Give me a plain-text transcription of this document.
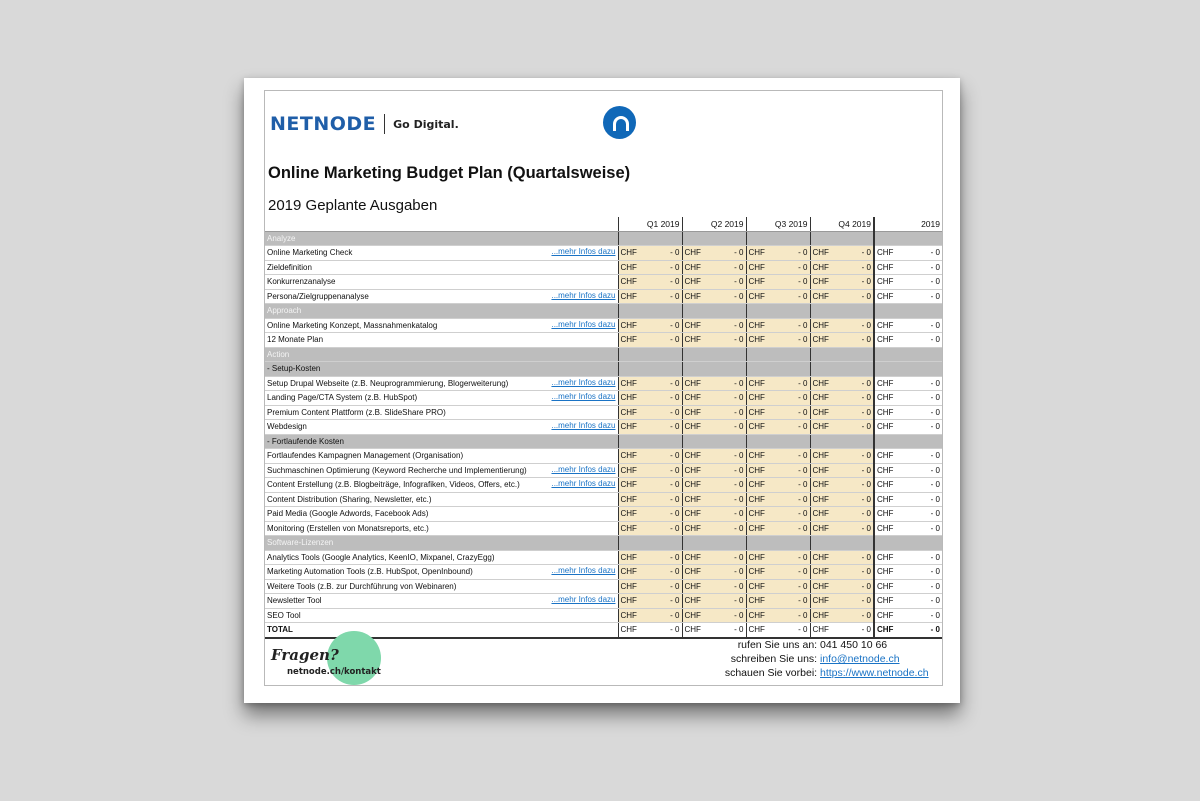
NETNODE Go Digital.
Online Marketing Budget Plan (Quartalsweise)
2019 Geplante Ausgaben
	Q1 2019	Q2 2019	Q3 2019	Q4 2019	2019
Analyze					
Online Marketing Check ...mehr Infos dazu	CHF - 0	CHF - 0	CHF - 0	CHF - 0	CHF - 0

Zieldefinition	CHF - 0	CHF - 0	CHF - 0	CHF - 0	CHF - 0

Konkurrenzanalyse	CHF - 0	CHF - 0	CHF - 0	CHF - 0	CHF - 0

Persona/Zielgruppenanalyse ...mehr Infos dazu	CHF - 0	CHF - 0	CHF - 0	CHF - 0	CHF - 0

Approach					
Online Marketing Konzept, Massnahmenkatalog ...mehr Infos dazu	CHF - 0	CHF - 0	CHF - 0	CHF - 0	CHF - 0

12 Monate Plan	CHF - 0	CHF - 0	CHF - 0	CHF - 0	CHF - 0

Action					
- Setup-Kosten					
Setup Drupal Webseite (z.B. Neuprogrammierung, Blogerweiterung) ...mehr Infos dazu	CHF - 0	CHF - 0	CHF - 0	CHF - 0	CHF - 0

Landing Page/CTA System (z.B. HubSpot) ...mehr Infos dazu	CHF - 0	CHF - 0	CHF - 0	CHF - 0	CHF - 0

Premium Content Plattform (z.B. SlideShare PRO)	CHF - 0	CHF - 0	CHF - 0	CHF - 0	CHF - 0

Webdesign ...mehr Infos dazu	CHF - 0	CHF - 0	CHF - 0	CHF - 0	CHF - 0

- Fortlaufende Kosten					
Fortlaufendes Kampagnen Management (Organisation)	CHF - 0	CHF - 0	CHF - 0	CHF - 0	CHF - 0

Suchmaschinen Optimierung (Keyword Recherche und Implementierung) ...mehr Infos dazu	CHF - 0	CHF - 0	CHF - 0	CHF - 0	CHF - 0

Content Erstellung (z.B. Blogbeiträge, Infografiken, Videos, Offers, etc.) ...mehr Infos dazu	CHF - 0	CHF - 0	CHF - 0	CHF - 0	CHF - 0

Content Distribution (Sharing, Newsletter, etc.)	CHF - 0	CHF - 0	CHF - 0	CHF - 0	CHF - 0

Paid Media (Google Adwords, Facebook Ads)	CHF - 0	CHF - 0	CHF - 0	CHF - 0	CHF - 0

Monitoring (Erstellen von Monatsreports, etc.)	CHF - 0	CHF - 0	CHF - 0	CHF - 0	CHF - 0

Software-Lizenzen					
Analytics Tools (Google Analytics, KeenIO, Mixpanel, CrazyEgg)	CHF - 0	CHF - 0	CHF - 0	CHF - 0	CHF - 0

Marketing Automation Tools (z.B. HubSpot, OpenInbound) ...mehr Infos dazu	CHF - 0	CHF - 0	CHF - 0	CHF - 0	CHF - 0

Weitere Tools (z.B. zur Durchführung von Webinaren)	CHF - 0	CHF - 0	CHF - 0	CHF - 0	CHF - 0

Newsletter Tool ...mehr Infos dazu	CHF - 0	CHF - 0	CHF - 0	CHF - 0	CHF - 0

SEO Tool	CHF - 0	CHF - 0	CHF - 0	CHF - 0	CHF - 0

TOTAL	CHF - 0	CHF - 0	CHF - 0	CHF - 0	CHF - 0
Fragen?
netnode.ch/kontakt
rufen Sie uns an: 041 450 10 66
schreiben Sie uns: info@netnode.ch
schauen Sie vorbei: https://www.netnode.ch
